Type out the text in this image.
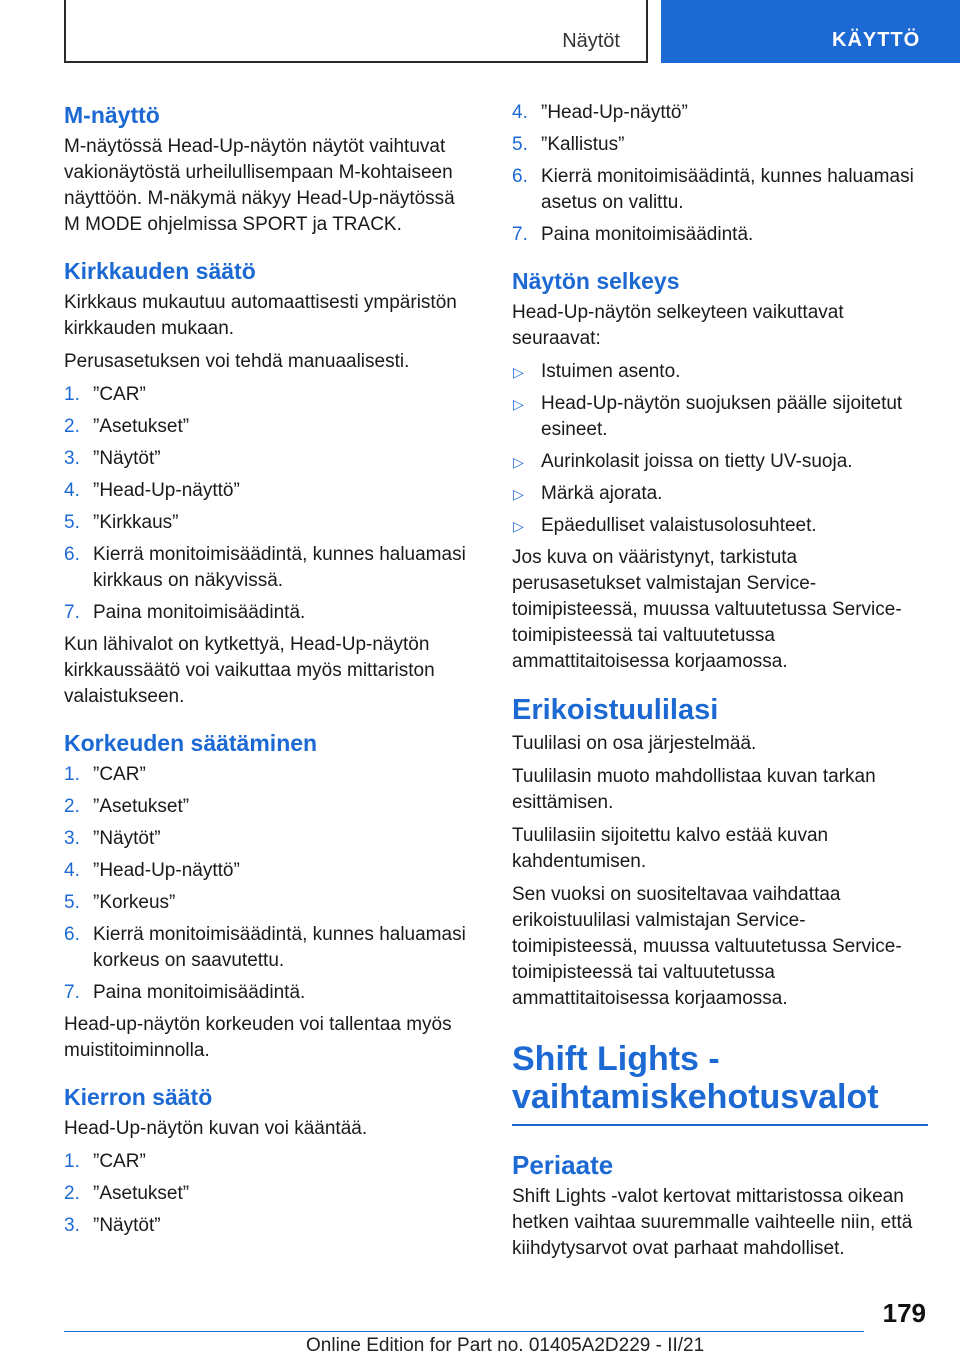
Näytöt	KÄYTTÖ
M-näyttö

M-näytössä Head-Up-näytön näytöt vaihtuvat vakionäytöstä urheilullisempaan M-kohtaiseen näyttöön. M-näkymä näkyy Head-Up-näytössä M MODE ohjelmissa SPORT ja TRACK.

Kirkkauden säätö

Kirkkaus mukautuu automaattisesti ympäristön kirkkauden mukaan.

Perusasetuksen voi tehdä manuaalisesti.

1. ”CAR”
2. ”Asetukset”
3. ”Näytöt”
4. ”Head-Up-näyttö”
5. ”Kirkkaus”
6. Kierrä monitoimisäädintä, kunnes haluamasi kirkkaus on näkyvissä.
7. Paina monitoimisäädintä.

Kun lähivalot on kytkettyä, Head-Up-näytön kirkkaussäätö voi vaikuttaa myös mittariston valaistukseen.

Korkeuden säätäminen
1. ”CAR”
2. ”Asetukset”
3. ”Näytöt”
4. ”Head-Up-näyttö”
5. ”Korkeus”
6. Kierrä monitoimisäädintä, kunnes haluamasi korkeus on saavutettu.
7. Paina monitoimisäädintä.

Head-up-näytön korkeuden voi tallentaa myös muistitoiminnolla.

Kierron säätö

Head-Up-näytön kuvan voi kääntää.

1. ”CAR”
2. ”Asetukset”
3. ”Näytöt”
4. ”Head-Up-näyttö”
5. ”Kallistus”
6. Kierrä monitoimisäädintä, kunnes haluamasi asetus on valittu.
7. Paina monitoimisäädintä.
Näytön selkeys

Head-Up-näytön selkeyteen vaikuttavat seuraavat:

▷ Istuimen asento.
▷ Head-Up-näytön suojuksen päälle sijoitetut esineet.
▷ Aurinkolasit joissa on tietty UV-suoja.
▷ Märkä ajorata.
▷ Epäedulliset valaistusolosuhteet.

Jos kuva on vääristynyt, tarkistuta perusasetukset valmistajan Service-toimipisteessä, muussa valtuutetussa Service-toimipisteessä tai valtuutetussa ammattitaitoisessa korjaamossa.

Erikoistuulilasi

Tuulilasi on osa järjestelmää.

Tuulilasin muoto mahdollistaa kuvan tarkan esittämisen.

Tuulilasiin sijoitettu kalvo estää kuvan kahdentumisen.

Sen vuoksi on suositeltavaa vaihdattaa erikoistuulilasi valmistajan Service-toimipisteessä, muussa valtuutetussa Service-toimipisteessä tai valtuutetussa ammattitaitoisessa korjaamossa.

Shift Lights - vaihtamiskehotusvalot
Periaate

Shift Lights -valot kertovat mittaristossa oikean hetken vaihtaa suuremmalle vaihteelle niin, että kiihdytysarvot ovat parhaat mahdolliset.

179
Online Edition for Part no. 01405A2D229 - II/21
